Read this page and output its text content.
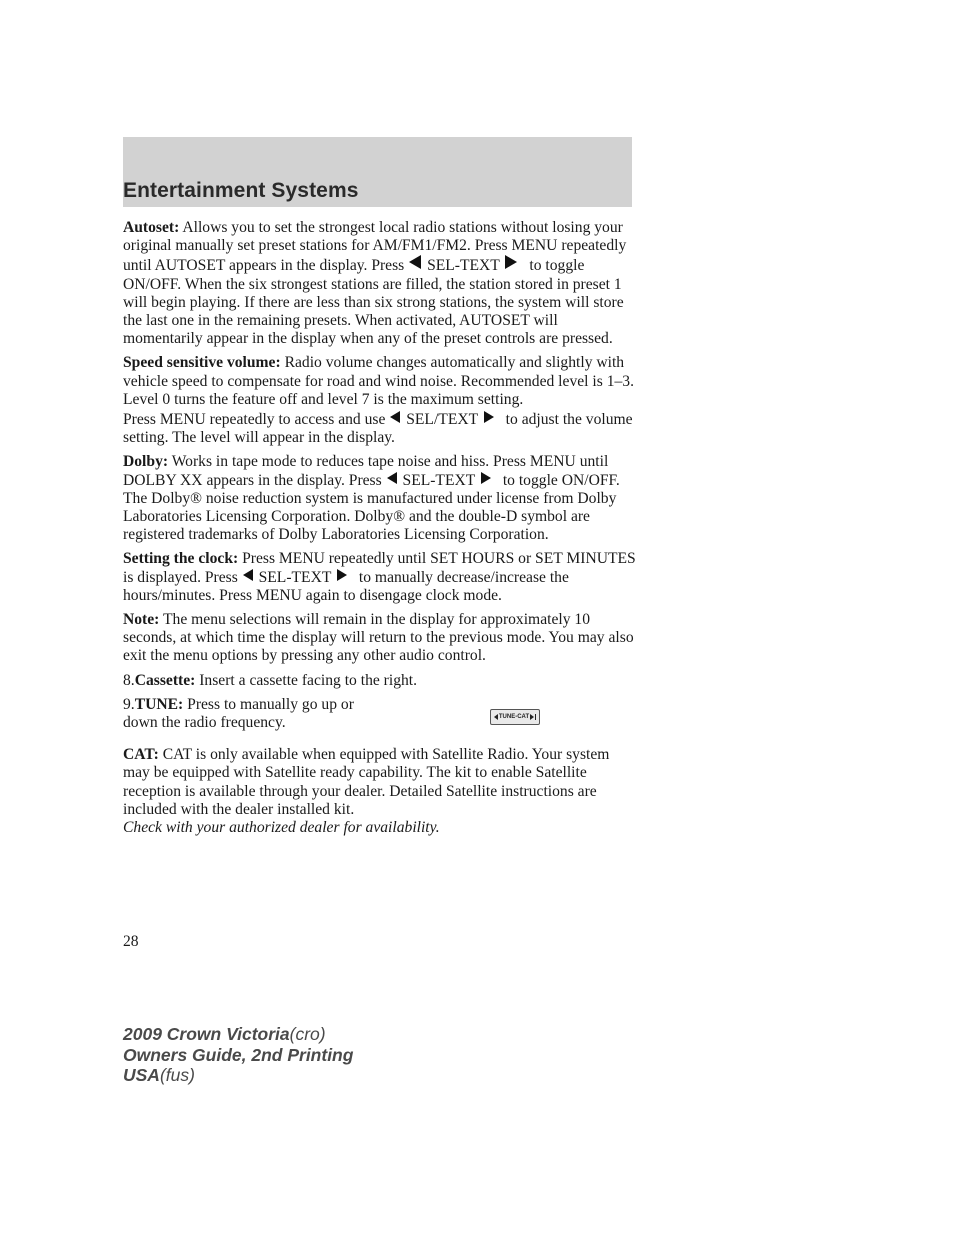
Entertainment Systems

Autoset: Allows you to set the strongest local radio stations without losing your original manually set preset stations for AM/FM1/FM2. Press MENU repeatedly until AUTOSET appears in the display. Press SEL-TEXT to toggle ON/OFF. When the six strongest stations are filled, the station stored in preset 1 will begin playing. If there are less than six strong stations, the system will store the last one in the remaining presets. When activated, AUTOSET will momentarily appear in the display when any of the preset controls are pressed.

Speed sensitive volume: Radio volume changes automatically and slightly with vehicle speed to compensate for road and wind noise. Recommended level is 1–3. Level 0 turns the feature off and level 7 is the maximum setting.

Press MENU repeatedly to access and use SEL/TEXT to adjust the volume setting. The level will appear in the display.

Dolby: Works in tape mode to reduces tape noise and hiss. Press MENU until DOLBY XX appears in the display. Press SEL-TEXT to toggle ON/OFF.

The Dolby® noise reduction system is manufactured under license from Dolby Laboratories Licensing Corporation. Dolby® and the double-D symbol are registered trademarks of Dolby Laboratories Licensing Corporation.

Setting the clock: Press MENU repeatedly until SET HOURS or SET MINUTES is displayed. Press SEL-TEXT to manually decrease/increase the hours/minutes. Press MENU again to disengage clock mode.

Note: The menu selections will remain in the display for approximately 10 seconds, at which time the display will return to the previous mode. You may also exit the menu options by pressing any other audio control.

8.Cassette: Insert a cassette facing to the right.

9.TUNE: Press to manually go up or down the radio frequency.	TUNE-CAT

CAT: CAT is only available when equipped with Satellite Radio. Your system may be equipped with Satellite ready capability. The kit to enable Satellite reception is available through your dealer. Detailed Satellite instructions are included with the dealer installed kit.

Check with your authorized dealer for availability.

28
2009 Crown Victoria(cro)
Owners Guide, 2nd Printing
USA(fus)
